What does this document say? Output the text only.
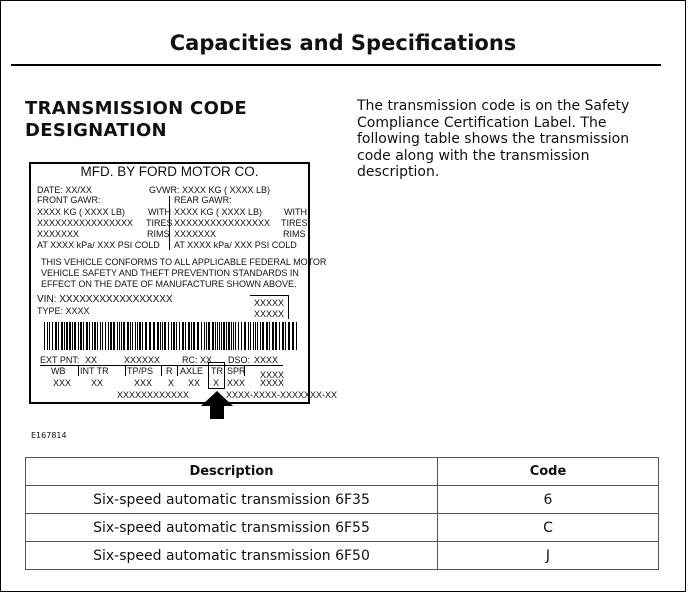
Capacities and Specifications
TRANSMISSION CODE
DESIGNATION
The transmission code is on the Safety
Compliance Certification Label. The
following table shows the transmission
code along with the transmission
description.
MFD. BY FORD MOTOR CO.
DATE: XX/XX	GVWR: XXXX KG ( XXXX LB)
FRONT GAWR:	REAR GAWR:
XXXX KG ( XXXX LB)	WITH XXXX KG ( XXXX LB) WITH
XXXXXXXXXXXXXXXX TIRES XXXXXXXXXXXXXXXX TIRES
XXXXXXX	RIMS XXXXXXX	RIMS
AT XXXX kPa/ XXX PSI COLD AT XXXX kPa/ XXX PSI COLD
THIS VEHICLE CONFORMS TO ALL APPLICABLE FEDERAL MOTOR
VEHICLE SAFETY AND THEFT PREVENTION STANDARDS IN
EFFECT ON THE DATE OF MANUFACTURE SHOWN ABOVE.
VIN: XXXXXXXXXXXXXXXXX
TYPE: XXXX
XXXXX
XXXXX
EXT PNT: XX	XXXXXX RC: XX DSO: XXXX
WB INT TR TP/PS R AXLE TR SPR
XXX XX	XXX X XX X XXX
XXXX
XXXX
XXXXXXXXXXXX	XX XX-XXXX-XXXXXXX-XX
E167814
Description	Code
Six-speed automatic transmission 6F35	6
Six-speed automatic transmission 6F55	C
Six-speed automatic transmission 6F50	J
